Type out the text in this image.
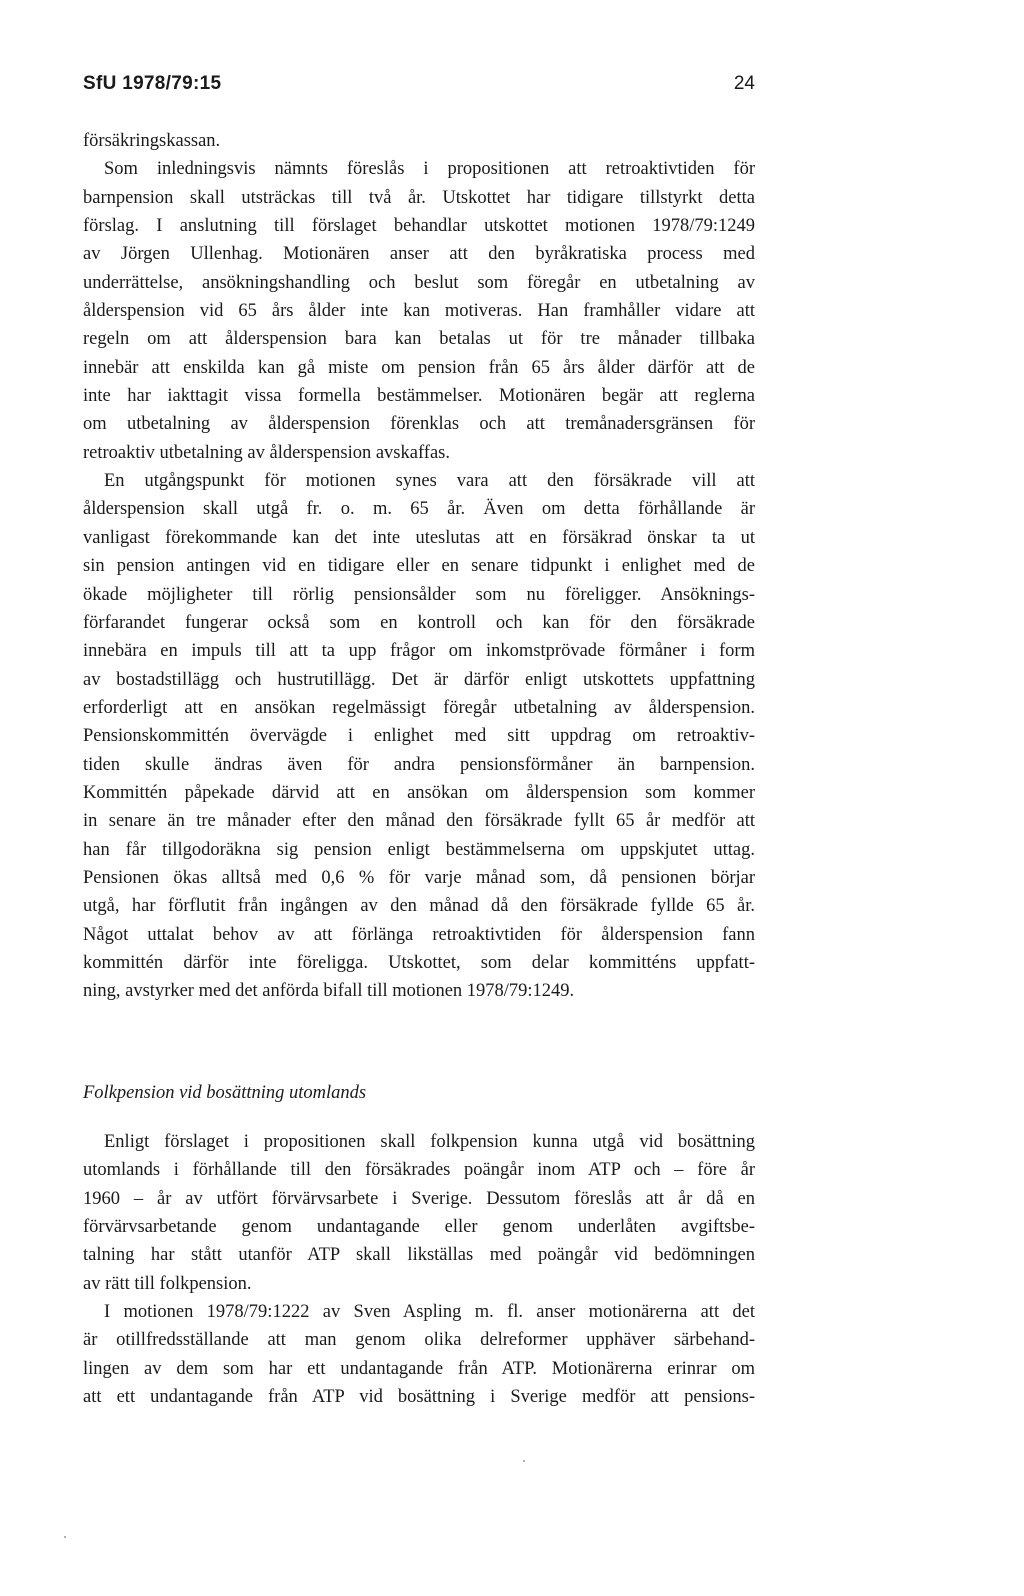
SfU 1978/79:15	24
försäkringskassan.
Som inledningsvis nämnts föreslås i propositionen att retroaktivtiden för
barnpension skall utsträckas till två år. Utskottet har tidigare tillstyrkt detta
förslag. I anslutning till förslaget behandlar utskottet motionen 1978/79:1249
av Jörgen Ullenhag. Motionären anser att den byråkratiska process med
underrättelse, ansökningshandling och beslut som föregår en utbetalning av
ålderspension vid 65 års ålder inte kan motiveras. Han framhåller vidare att
regeln om att ålderspension bara kan betalas ut för tre månader tillbaka
innebär att enskilda kan gå miste om pension från 65 års ålder därför att de
inte har iakttagit vissa formella bestämmelser. Motionären begär att reglerna
om utbetalning av ålderspension förenklas och att tremånadersgränsen för
retroaktiv utbetalning av ålderspension avskaffas.
En utgångspunkt för motionen synes vara att den försäkrade vill att
ålderspension skall utgå fr. o. m. 65 år. Även om detta förhållande är
vanligast förekommande kan det inte uteslutas att en försäkrad önskar ta ut
sin pension antingen vid en tidigare eller en senare tidpunkt i enlighet med de
ökade möjligheter till rörlig pensionsålder som nu föreligger. Ansöknings-
förfarandet fungerar också som en kontroll och kan för den försäkrade
innebära en impuls till att ta upp frågor om inkomstprövade förmåner i form
av bostadstillägg och hustrutillägg. Det är därför enligt utskottets uppfattning
erforderligt att en ansökan regelmässigt föregår utbetalning av ålderspension.
Pensionskommittén övervägde i enlighet med sitt uppdrag om retroaktiv-
tiden skulle ändras även för andra pensionsförmåner än barnpension.
Kommittén påpekade därvid att en ansökan om ålderspension som kommer
in senare än tre månader efter den månad den försäkrade fyllt 65 år medför att
han får tillgodoräkna sig pension enligt bestämmelserna om uppskjutet uttag.
Pensionen ökas alltså med 0,6 % för varje månad som, då pensionen börjar
utgå, har förflutit från ingången av den månad då den försäkrade fyllde 65 år.
Något uttalat behov av att förlänga retroaktivtiden för ålderspension fann
kommittén därför inte föreligga. Utskottet, som delar kommitténs uppfatt-
ning, avstyrker med det anförda bifall till motionen 1978/79:1249.
Folkpension vid bosättning utomlands
Enligt förslaget i propositionen skall folkpension kunna utgå vid bosättning
utomlands i förhållande till den försäkrades poängår inom ATP och – före år
1960 – år av utfört förvärvsarbete i Sverige. Dessutom föreslås att år då en
förvärvsarbetande genom undantagande eller genom underlåten avgiftsbe-
talning har stått utanför ATP skall likställas med poängår vid bedömningen
av rätt till folkpension.
I motionen 1978/79:1222 av Sven Aspling m. fl. anser motionärerna att det
är otillfredsställande att man genom olika delreformer upphäver särbehand-
lingen av dem som har ett undantagande från ATP. Motionärerna erinrar om
att ett undantagande från ATP vid bosättning i Sverige medför att pensions-
